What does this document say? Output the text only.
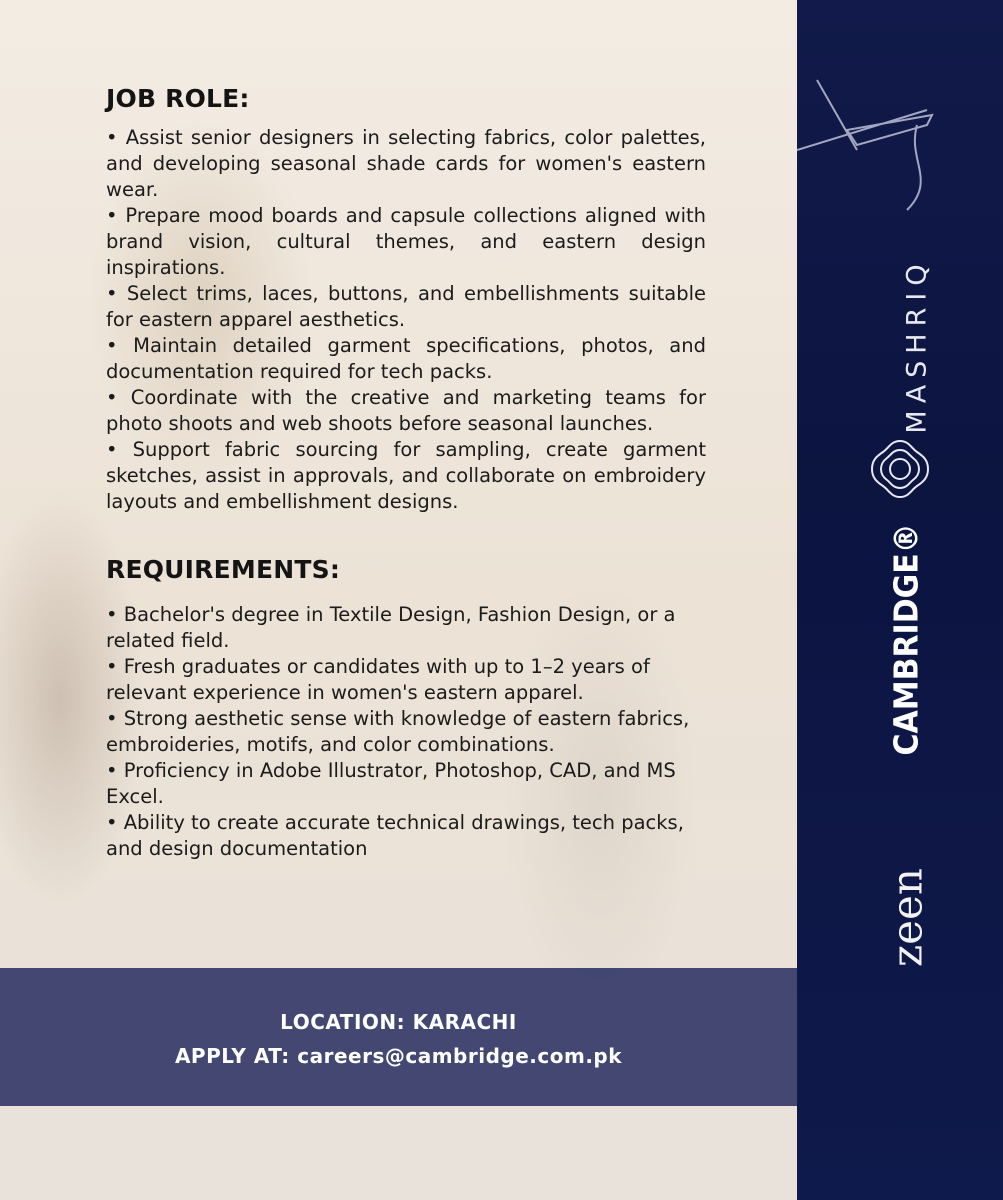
JOB ROLE:
• Assist senior designers in selecting fabrics, color palettes, and developing seasonal shade cards for women's eastern wear.
• Prepare mood boards and capsule collections aligned with brand vision, cultural themes, and eastern design inspirations.
• Select trims, laces, buttons, and embellishments suitable for eastern apparel aesthetics.
• Maintain detailed garment specifications, photos, and documentation required for tech packs.
• Coordinate with the creative and marketing teams for photo shoots and web shoots before seasonal launches.
• Support fabric sourcing for sampling, create garment sketches, assist in approvals, and collaborate on embroidery layouts and embellishment designs.
REQUIREMENTS:
• Bachelor's degree in Textile Design, Fashion Design, or a related field.
• Fresh graduates or candidates with up to 1–2 years of relevant experience in women's eastern apparel.
• Strong aesthetic sense with knowledge of eastern fabrics, embroideries, motifs, and color combinations.
• Proficiency in Adobe Illustrator, Photoshop, CAD, and MS Excel.
• Ability to create accurate technical drawings, tech packs, and design documentation
LOCATION: KARACHI
APPLY AT: careers@cambridge.com.pk
MASHRIQ
CAMBRIDGE®
zeen
